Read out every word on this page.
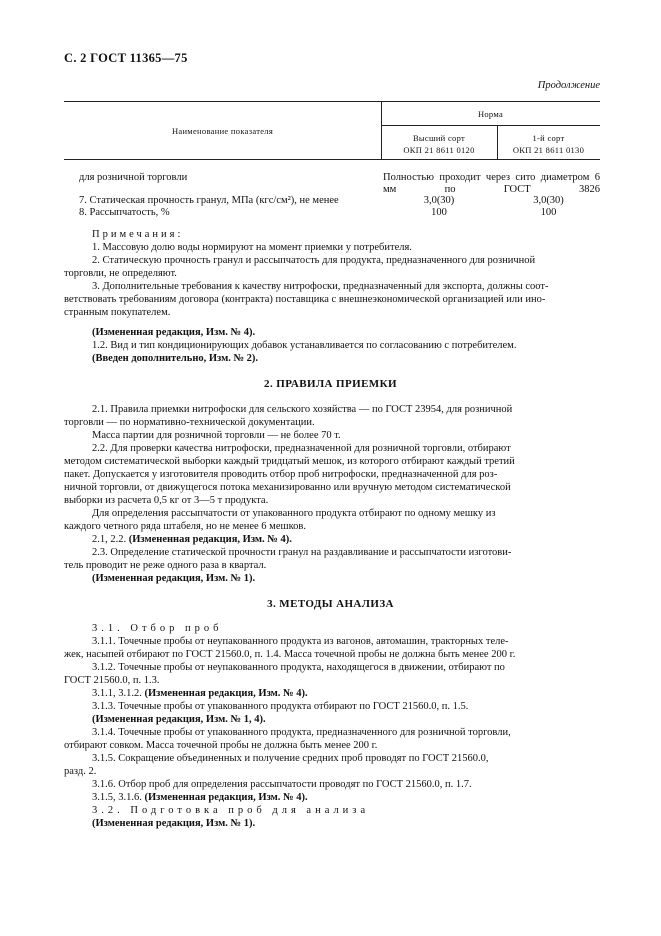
С. 2 ГОСТ 11365—75
Продолжение
Наименование показателя
Норма
Высший сорт
ОКП 21 8611 0120
1-й сорт
ОКП 21 8611 0130
для розничной торговли	Полностью проходит через сито диаметром 6 мм по ГОСТ 3826
7. Статическая прочность гранул, МПа (кгс/см²), не менее	3,0(30)	3,0(30)
8. Рассыпчатость, %	100	100
Примечания:
1. Массовую долю воды нормируют на момент приемки у потребителя.
2. Статическую прочность гранул и рассыпчатость для продукта, предназначенного для розничной
торговли, не определяют.
3. Дополнительные требования к качеству нитрофоски, предназначенный для экспорта, должны соот-
ветствовать требованиям договора (контракта) поставщика с внешнеэкономической организацией или ино-
странным покупателем.
(Измененная редакция, Изм. № 4).
1.2. Вид и тип кондиционирующих добавок устанавливается по согласованию с потребителем.
(Введен дополнительно, Изм. № 2).
2. ПРАВИЛА ПРИЕМКИ
2.1. Правила приемки нитрофоски для сельского хозяйства — по ГОСТ 23954, для розничной
торговли — по нормативно-технической документации.
Масса партии для розничной торговли — не более 70 т.
2.2. Для проверки качества нитрофоски, предназначенной для розничной торговли, отбирают
методом систематической выборки каждый тридцатый мешок, из которого отбирают каждый третий
пакет. Допускается у изготовителя проводить отбор проб нитрофоски, предназначенной для роз-
ничной торговли, от движущегося потока механизированно или вручную методом систематической
выборки из расчета 0,5 кг от 3—5 т продукта.
Для определения рассыпчатости от упакованного продукта отбирают по одному мешку из
каждого четного ряда штабеля, но не менее 6 мешков.
2.1, 2.2. (Измененная редакция, Изм. № 4).
2.3. Определение статической прочности гранул на раздавливание и рассыпчатости изготови-
тель проводит не реже одного раза в квартал.
(Измененная редакция, Изм. № 1).
3. МЕТОДЫ АНАЛИЗА
3.1. Отбор проб
3.1.1. Точечные пробы от неупакованного продукта из вагонов, автомашин, тракторных теле-
жек, насыпей отбирают по ГОСТ 21560.0, п. 1.4. Масса точечной пробы не должна быть менее 200 г.
3.1.2. Точечные пробы от неупакованного продукта, находящегося в движении, отбирают по
ГОСТ 21560.0, п. 1.3.
3.1.1, 3.1.2. (Измененная редакция, Изм. № 4).
3.1.3. Точечные пробы от упакованного продукта отбирают по ГОСТ 21560.0, п. 1.5.
(Измененная редакция, Изм. № 1, 4).
3.1.4. Точечные пробы от упакованного продукта, предназначенного для розничной торговли,
отбирают совком. Масса точечной пробы не должна быть менее 200 г.
3.1.5. Сокращение объединенных и получение средних проб проводят по ГОСТ 21560.0,
разд. 2.
3.1.6. Отбор проб для определения рассыпчатости проводят по ГОСТ 21560.0, п. 1.7.
3.1.5, 3.1.6. (Измененная редакция, Изм. № 4).
3.2. Подготовка проб для анализа
(Измененная редакция, Изм. № 1).
